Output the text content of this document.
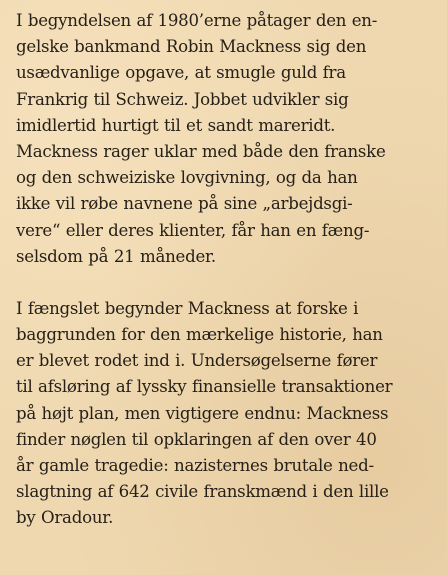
I begyndelsen af 1980’erne påtager den en-
gelske bankmand Robin Mackness sig den
usædvanlige opgave, at smugle guld fra
Frankrig til Schweiz. Jobbet udvikler sig
imidlertid hurtigt til et sandt mareridt.
Mackness rager uklar med både den franske
og den schweiziske lovgivning, og da han
ikke vil røbe navnene på sine „arbejdsgi-
vere“ eller deres klienter, får han en fæng-
selsdom på 21 måneder.

I fængslet begynder Mackness at forske i
baggrunden for den mærkelige historie, han
er blevet rodet ind i. Undersøgelserne fører
til afsløring af lyssky finansielle transaktioner
på højt plan, men vigtigere endnu: Mackness
finder nøglen til opklaringen af den over 40
år gamle tragedie: nazisternes brutale ned-
slagtning af 642 civile franskmænd i den lille
by Oradour.
